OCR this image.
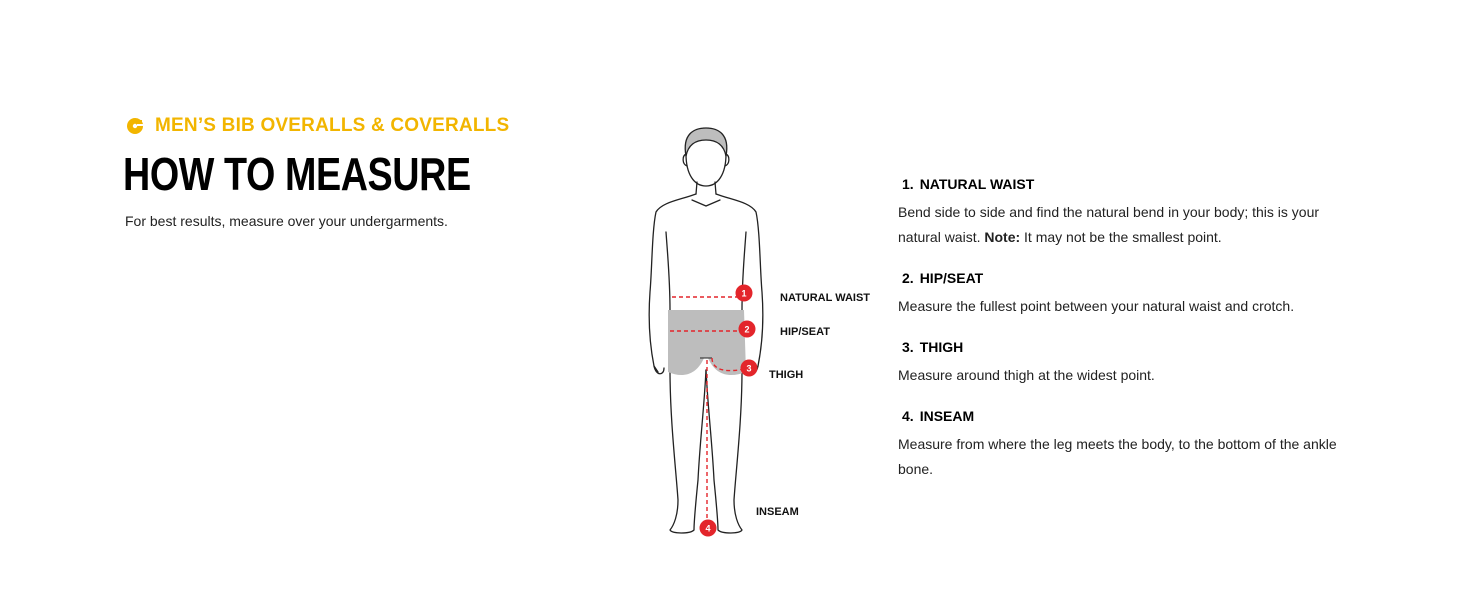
MEN’S BIB OVERALLS & COVERALLS
HOW TO MEASURE
For best results, measure over your undergarments.
1
2
3
4
NATURAL WAIST
HIP/SEAT
THIGH
INSEAM
1. NATURAL WAIST
Bend side to side and find the natural bend in your body; this is your natural waist. Note: It may not be the smallest point.
2. HIP/SEAT
Measure the fullest point between your natural waist and crotch.
3. THIGH
Measure around thigh at the widest point.
4. INSEAM
Measure from where the leg meets the body, to the bottom of the ankle bone.
